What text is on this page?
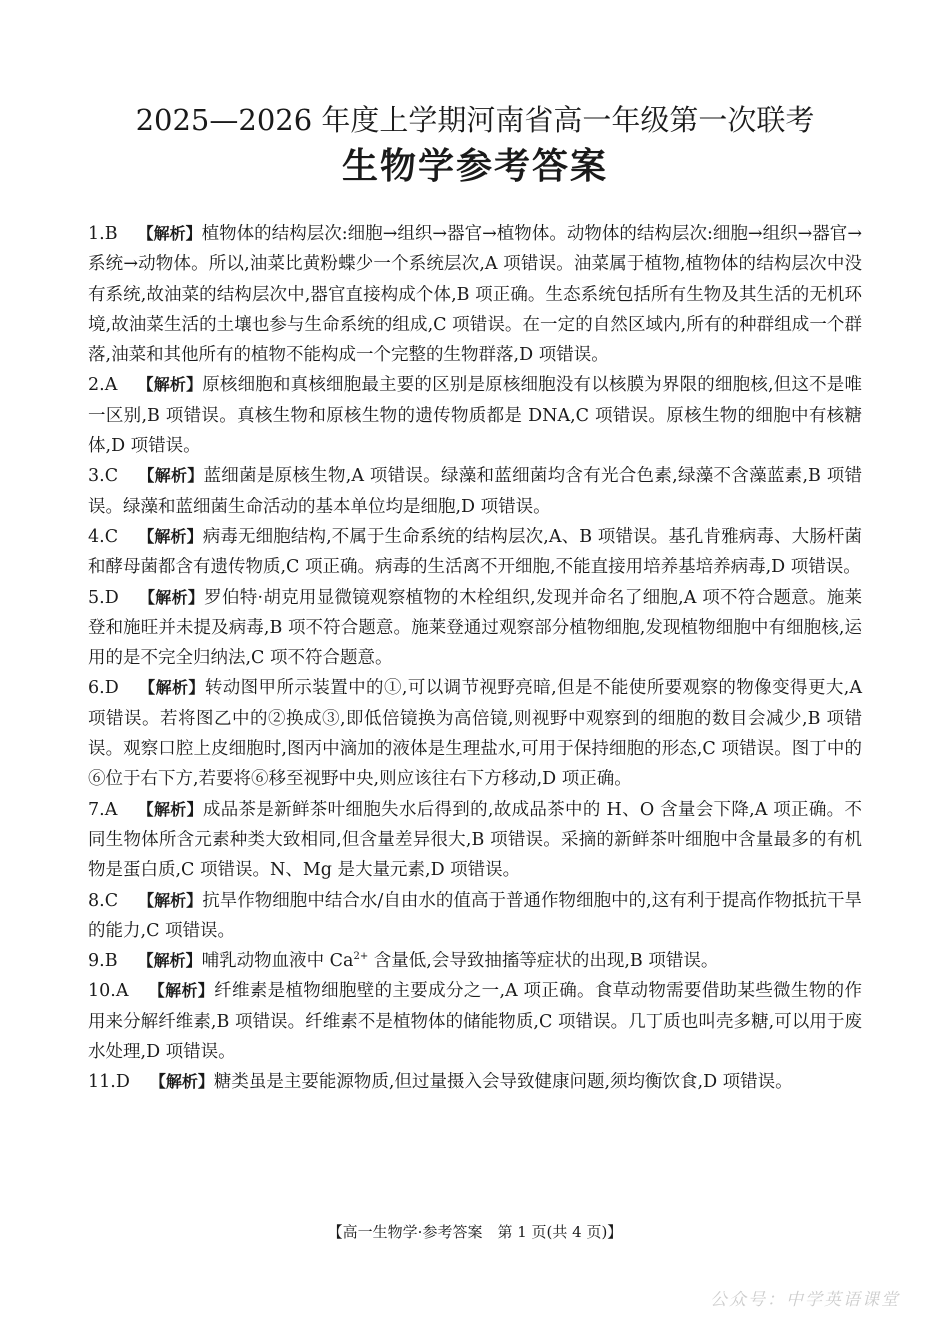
2025—2026 年度上学期河南省高一年级第一次联考
生物学参考答案

1.B 【解析】植物体的结构层次:细胞→组织→器官→植物体。动物体的结构层次:细胞→组织→器官→系统→动物体。所以,油菜比黄粉蝶少一个系统层次,A 项错误。油菜属于植物,植物体的结构层次中没有系统,故油菜的结构层次中,器官直接构成个体,B 项正确。生态系统包括所有生物及其生活的无机环境,故油菜生活的土壤也参与生命系统的组成,C 项错误。在一定的自然区域内,所有的种群组成一个群落,油菜和其他所有的植物不能构成一个完整的生物群落,D 项错误。

2.A 【解析】原核细胞和真核细胞最主要的区别是原核细胞没有以核膜为界限的细胞核,但这不是唯一区别,B 项错误。真核生物和原核生物的遗传物质都是 DNA,C 项错误。原核生物的细胞中有核糖体,D 项错误。

3.C 【解析】蓝细菌是原核生物,A 项错误。绿藻和蓝细菌均含有光合色素,绿藻不含藻蓝素,B 项错误。绿藻和蓝细菌生命活动的基本单位均是细胞,D 项错误。

4.C 【解析】病毒无细胞结构,不属于生命系统的结构层次,A、B 项错误。基孔肯雅病毒、大肠杆菌和酵母菌都含有遗传物质,C 项正确。病毒的生活离不开细胞,不能直接用培养基培养病毒,D 项错误。

5.D 【解析】罗伯特·胡克用显微镜观察植物的木栓组织,发现并命名了细胞,A 项不符合题意。施莱登和施旺并未提及病毒,B 项不符合题意。施莱登通过观察部分植物细胞,发现植物细胞中有细胞核,运用的是不完全归纳法,C 项不符合题意。

6.D 【解析】转动图甲所示装置中的①,可以调节视野亮暗,但是不能使所要观察的物像变得更大,A 项错误。若将图乙中的②换成③,即低倍镜换为高倍镜,则视野中观察到的细胞的数目会减少,B 项错误。观察口腔上皮细胞时,图丙中滴加的液体是生理盐水,可用于保持细胞的形态,C 项错误。图丁中的⑥位于右下方,若要将⑥移至视野中央,则应该往右下方移动,D 项正确。

7.A 【解析】成品茶是新鲜茶叶细胞失水后得到的,故成品茶中的 H、O 含量会下降,A 项正确。不同生物体所含元素种类大致相同,但含量差异很大,B 项错误。采摘的新鲜茶叶细胞中含量最多的有机物是蛋白质,C 项错误。N、Mg 是大量元素,D 项错误。

8.C 【解析】抗旱作物细胞中结合水/自由水的值高于普通作物细胞中的,这有利于提高作物抵抗干旱的能力,C 项错误。

9.B 【解析】哺乳动物血液中 $Ca^{2+}$ 含量低,会导致抽搐等症状的出现,B 项错误。

10.A 【解析】纤维素是植物细胞壁的主要成分之一,A 项正确。食草动物需要借助某些微生物的作用来分解纤维素,B 项错误。纤维素不是植物体的储能物质,C 项错误。几丁质也叫壳多糖,可以用于废水处理,D 项错误。

11.D 【解析】糖类虽是主要能源物质,但过量摄入会导致健康问题,须均衡饮食,D 项错误。

【高一生物学·参考答案　第 1 页(共 4 页)】
公众号：中学英语课堂
